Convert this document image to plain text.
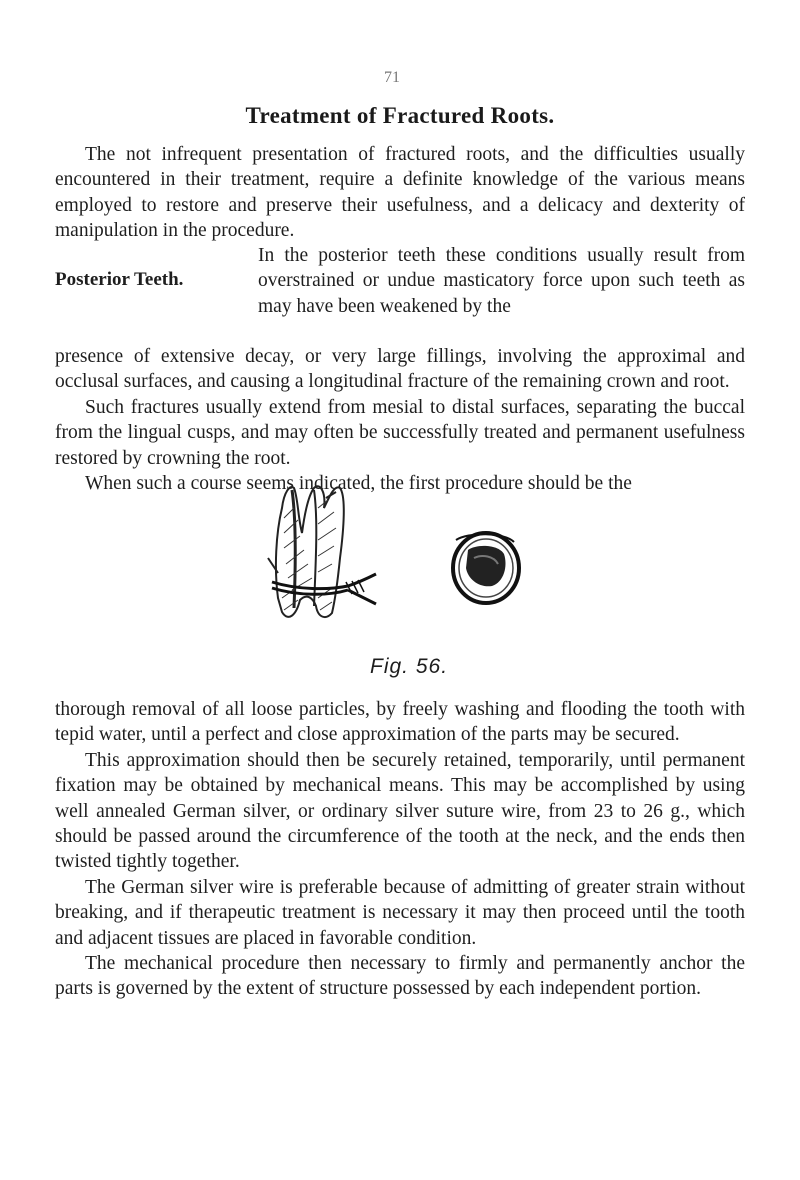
71
Treatment of Fractured Roots.

The not infrequent presentation of fractured roots, and the difficulties usually encountered in their treatment, require a definite knowledge of the various means employed to restore and preserve their usefulness, and a delicacy and dexterity of manipulation in the procedure.

Posterior Teeth.
In the posterior teeth these conditions usually result from overstrained or undue masticatory force upon such teeth as may have been weakened by the

presence of extensive decay, or very large fillings, involving the approximal and occlusal surfaces, and causing a longitudinal fracture of the remaining crown and root.

Such fractures usually extend from mesial to distal surfaces, separating the buccal from the lingual cusps, and may often be successfully treated and permanent usefulness restored by crowning the root.

When such a course seems indicated, the first procedure should be the

Fig. 56.

thorough removal of all loose particles, by freely washing and flooding the tooth with tepid water, until a perfect and close approximation of the parts may be secured.

This approximation should then be securely retained, temporarily, until permanent fixation may be obtained by mechanical means. This may be accomplished by using well annealed German silver, or ordinary silver suture wire, from 23 to 26 g., which should be passed around the circumference of the tooth at the neck, and the ends then twisted tightly together.

The German silver wire is preferable because of admitting of greater strain without breaking, and if therapeutic treatment is necessary it may then proceed until the tooth and adjacent tissues are placed in favorable condition.

The mechanical procedure then necessary to firmly and permanently anchor the parts is governed by the extent of structure possessed by each independent portion.
